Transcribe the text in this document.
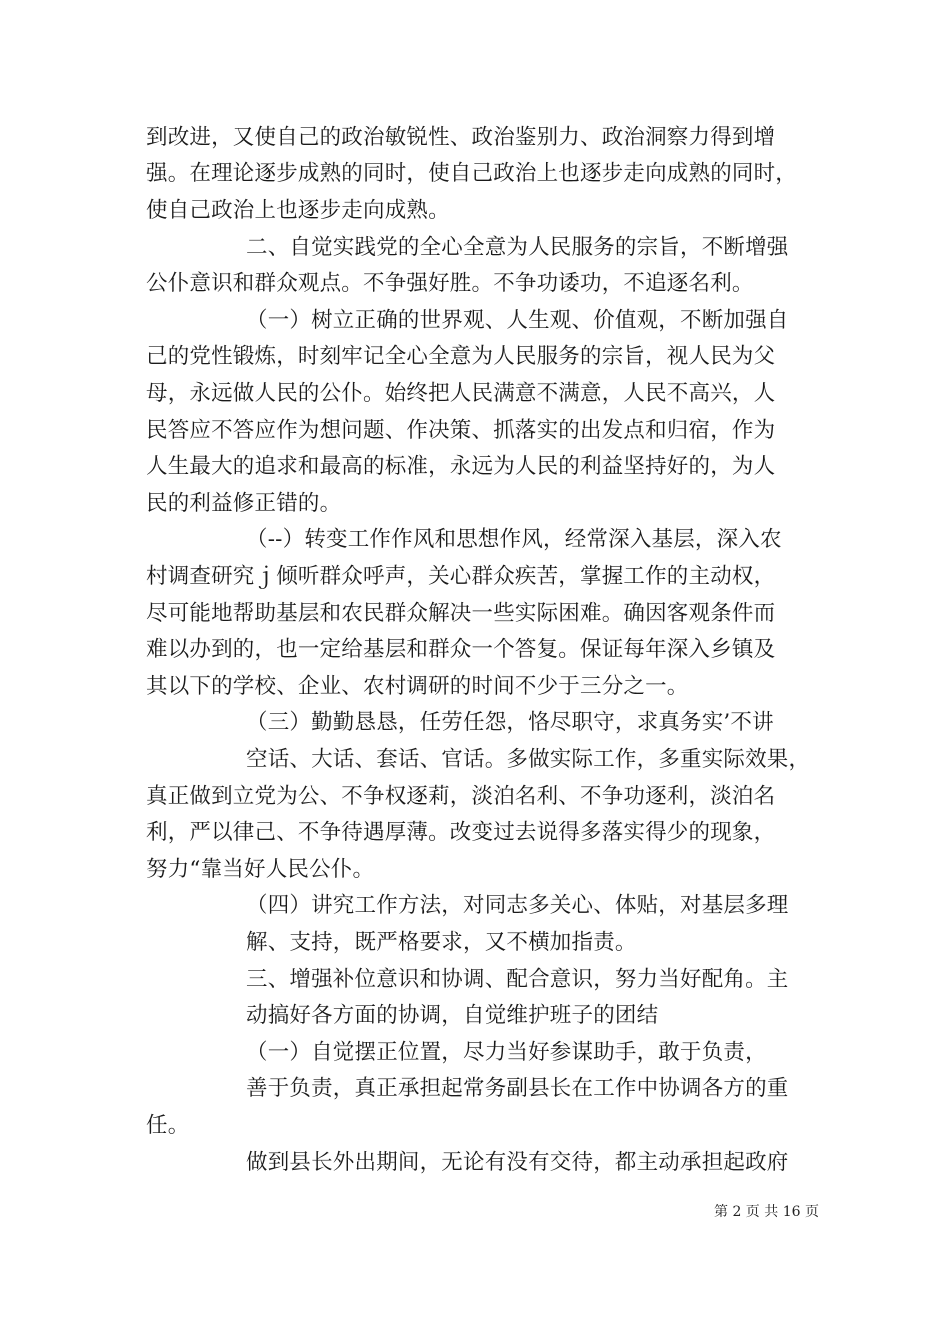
到改进，又使自己的政治敏锐性、政治鉴别力、政治洞察力得到增
强。在理论逐步成熟的同时，使自己政治上也逐步走向成熟的同时，
使自己政治上也逐步走向成熟。
二、自觉实践党的全心全意为人民服务的宗旨，不断增强
公仆意识和群众观点。不争强好胜。不争功诿功，不追逐名利。
（一）树立正确的世界观、人生观、价值观，不断加强自
己的党性锻炼，时刻牢记全心全意为人民服务的宗旨，视人民为父
母，永远做人民的公仆。始终把人民满意不满意，人民不高兴，人
民答应不答应作为想问题、作决策、抓落实的出发点和归宿，作为
人生最大的追求和最高的标准，永远为人民的利益坚持好的，为人
民的利益修正错的。
（--）转变工作作风和思想作风，经常深入基层，深入农
村调查研究ｊ倾听群众呼声，关心群众疾苦，掌握工作的主动权，
尽可能地帮助基层和农民群众解决一些实际困难。确因客观条件而
难以办到的，也一定给基层和群众一个答复。保证每年深入乡镇及
其以下的学校、企业、农村调研的时间不少于三分之一。
（三）勤勤恳恳，任劳任怨，恪尽职守，求真务实’不讲
空话、大话、套话、官话。多做实际工作，多重实际效果，
真正做到立党为公、不争权逐莉，淡泊名利、不争功逐利，淡泊名
利，严以律己、不争待遇厚薄。改变过去说得多落实得少的现象，
努力“靠当好人民公仆。
（四）讲究工作方法，对同志多关心、体贴，对基层多理
解、支持，既严格要求，又不横加指责。
三、增强补位意识和协调、配合意识，努力当好配角。主
动搞好各方面的协调，自觉维护班子的团结
（一）自觉摆正位置，尽力当好参谋助手，敢于负责，
善于负责，真正承担起常务副县长在工作中协调各方的重
任。
做到县长外出期间，无论有没有交待，都主动承担起政府
第 2 页 共 16 页
